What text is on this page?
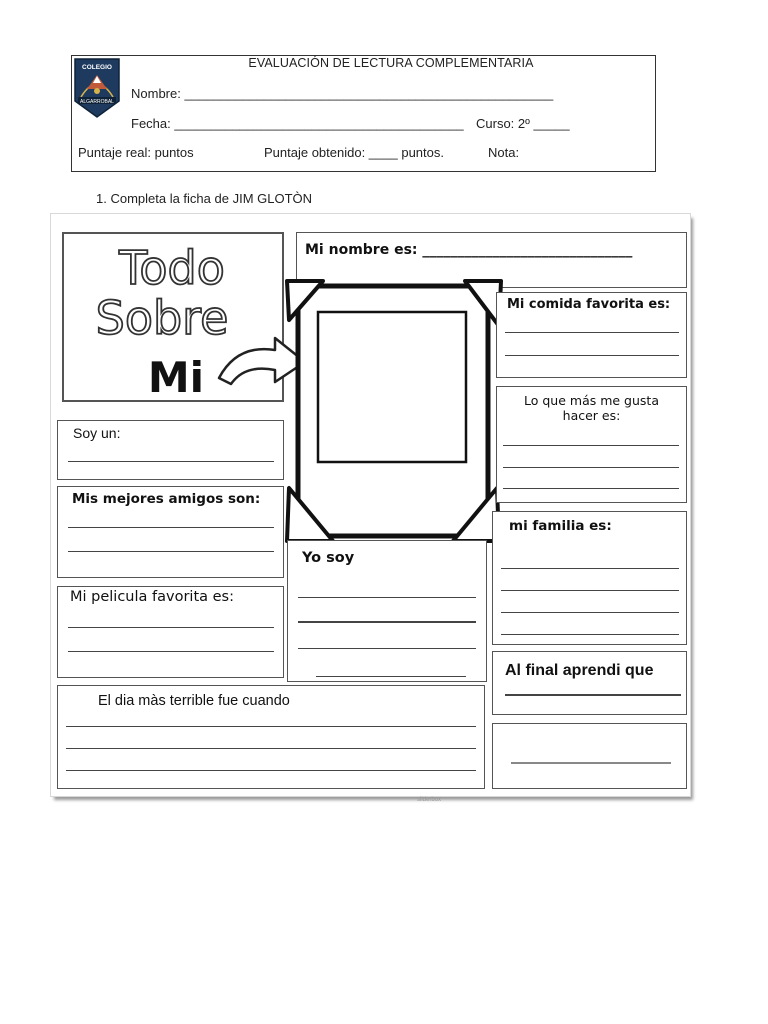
EVALUACIÓN DE LECTURA COMPLEMENTARIA
COLEGIO
ALGARROBAL
Nombre: ___________________________________________________
Fecha: ________________________________________ Curso: 2º _____
Puntaje real: puntos	Puntaje obtenido: ____ puntos.	Nota:
1. Completa la ficha de JIM GLOTÒN
Todo
Sobre
Mi
Mi nombre es: ______________________________
Mi comida favorita es:
Lo que más me gusta
hacer es:
Soy un:
Mis mejores amigos son:
Yo soy
mi familia es:
Mi pelicula favorita es:
Al final aprendi que
El dia màs terrible fue cuando
sliderbox
